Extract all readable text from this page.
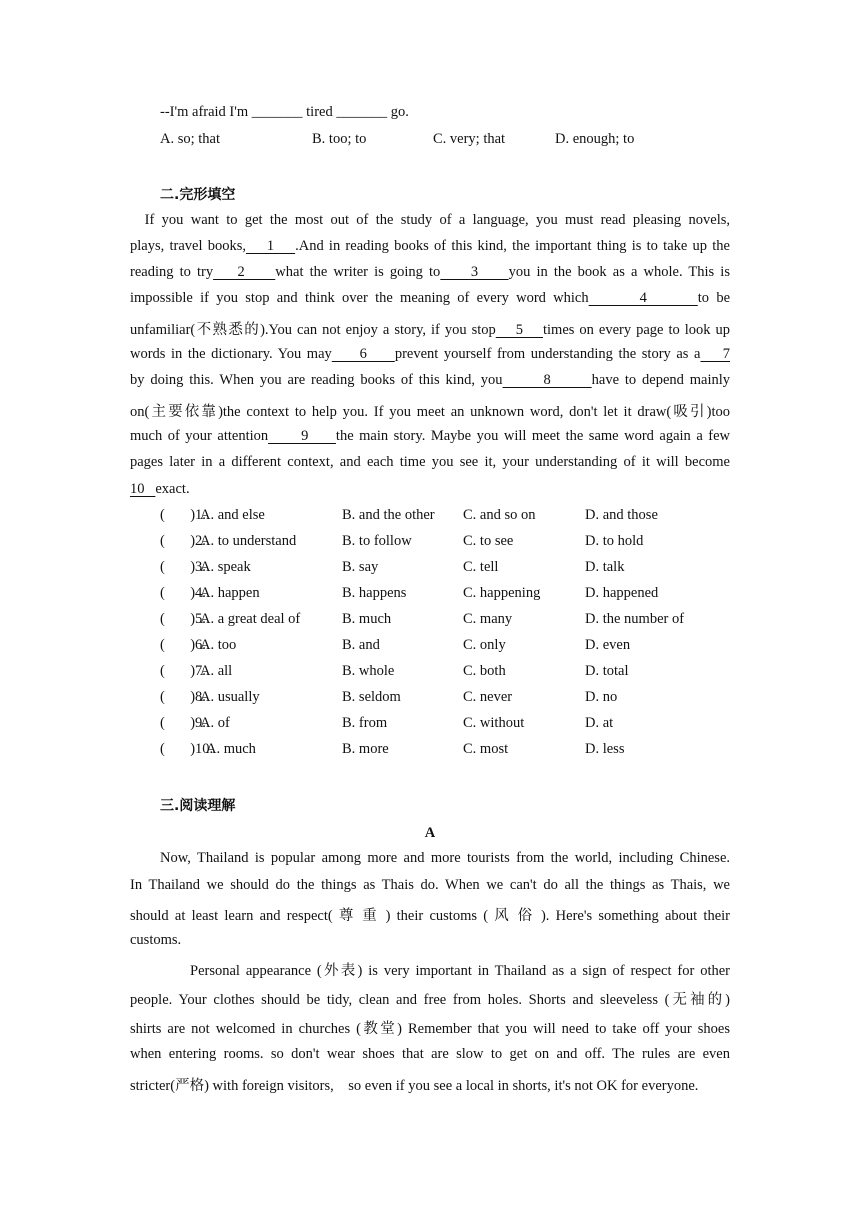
--I'm afraid I'm _______ tired _______ go.
A. so; that	B. too; to	C. very; that	D. enough; to
二.完形填空
If you want to get the most out of the study of a language, you must read pleasing novels,
plays, travel books,    1    .And in reading books of this kind, the important thing is to take up the
reading to try    2     what the writer is going to     3     you in the book as a whole. This is
impossible if you stop and think over the meaning of every word which       4       to be
unfamiliar(不熟悉的).You can not enjoy a story, if you stop    5    times on every page to look up
words in the dictionary. You may     6     prevent yourself from understanding the story as a    7
by doing this. When you are reading books of this kind, you       8       have to depend mainly
on(主要依靠)the context to help you. If you meet an unknown word, don't let it draw(吸引)too
much of your attention      9     the main story. Maybe you will meet the same word again a few
pages later in a different context, and each time you see it, your understanding of it will become
10   exact.
(       )1.
A. and else	B. and the other C. and so on	D. and those
(       )2.
A. to understand	B. to follow	C. to see	D. to hold
(       )3.
A. speak	B. say	C. tell	D. talk
(       )4.
A. happen	B. happens	C. happening	D. happened
(       )5.
A. a great deal of	B. much	C. many	D. the number of
(       )6.
A. too	B. and	C. only	D. even
(       )7.
A. all	B. whole	C. both	D. total
(       )8.
A. usually	B. seldom	C. never	D. no
(       )9.
A. of	B. from	C. without	D. at
(       )10.
A. much	B. more	C. most	D. less
三.阅读理解
A
Now, Thailand is popular among more and more tourists from the world, including Chinese.
In Thailand we should do the things as Thais do. When we can't do all the things as Thais, we
should at least learn and respect( 尊 重 ) their customs ( 风 俗 ). Here's something about their
customs.
Personal appearance (外表) is very important in Thailand as a sign of respect for other
people. Your clothes should be tidy, clean and free from holes. Shorts and sleeveless (无袖的)
shirts are not welcomed in churches (教堂) Remember that you will need to take off your shoes
when entering rooms. so don't wear shoes that are slow to get on and off. The rules are even
stricter(严格) with foreign visitors,    so even if you see a local in shorts, it's not OK for everyone.
